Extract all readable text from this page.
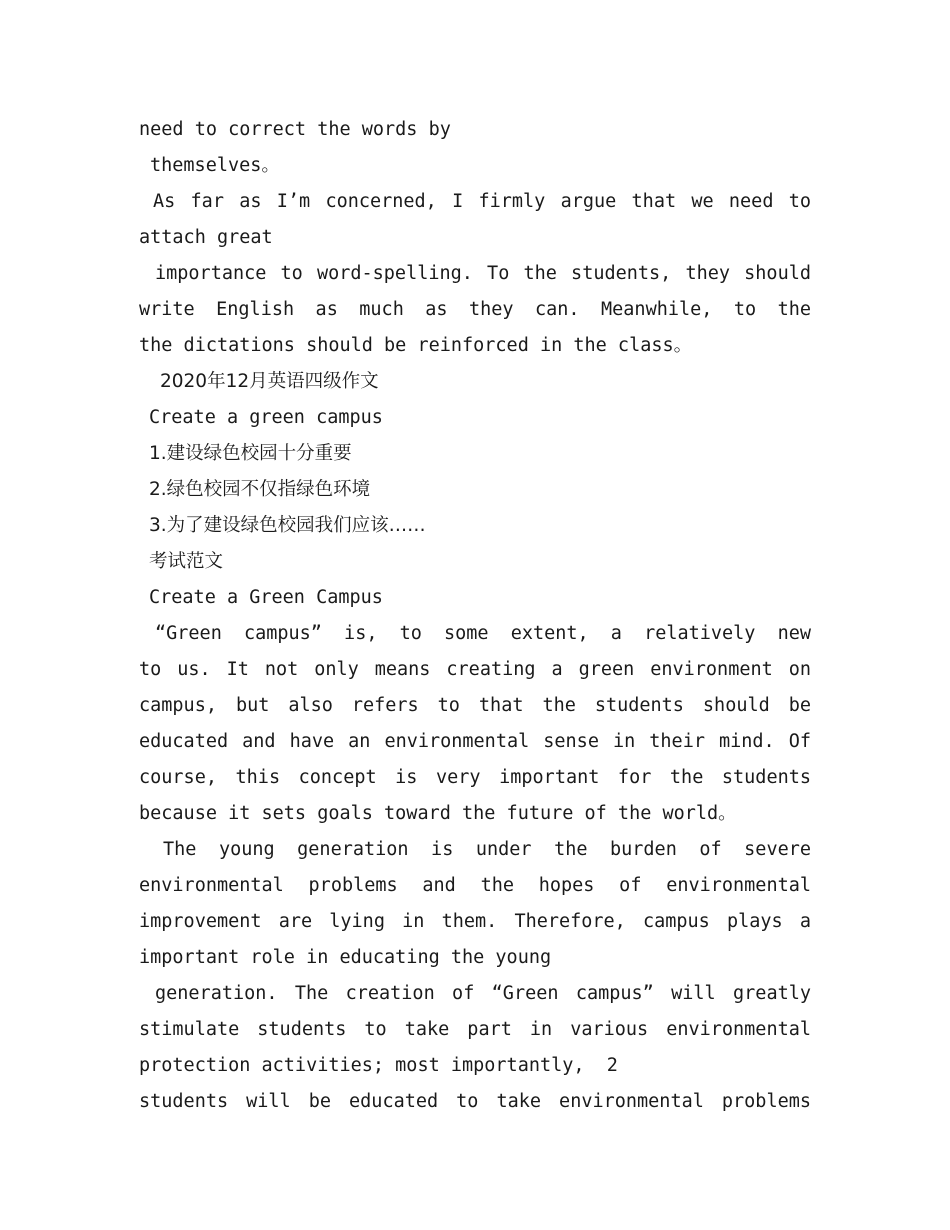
need to correct the words by
themselves。
As far as I’m concerned, I firmly argue that we need to
attach great
importance to word-spelling. To the students, they should
write English as much as they can. Meanwhile, to the
the dictations should be reinforced in the class。
2020年12月英语四级作文
Create a green campus
1.建设绿色校园十分重要
2.绿色校园不仅指绿色环境
3.为了建设绿色校园我们应该……
考试范文
Create a Green Campus
“Green campus” is, to some extent, a relatively new
to us. It not only means creating a green environment on
campus, but also refers to that the students should be
educated and have an environmental sense in their mind. Of
course, this concept is very important for the students
because it sets goals toward the future of the world。
The young generation is under the burden of severe
environmental problems and the hopes of environmental
improvement are lying in them. Therefore, campus plays a
important role in educating the young
generation. The creation of “Green campus” will greatly
stimulate students to take part in various environmental
protection activities; most importantly,  2
students will be educated to take environmental problems
